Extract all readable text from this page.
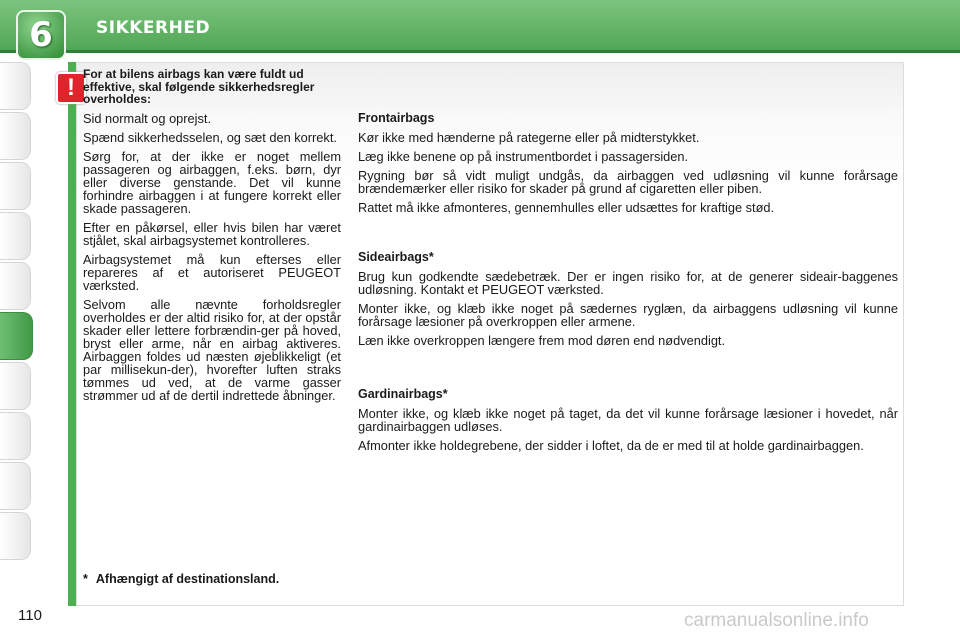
6	SIKKERHED
! For at bilens airbags kan være fuldt ud effektive, skal følgende sikkerhedsregler overholdes:

Sid normalt og oprejst.

Spænd sikkerhedsselen, og sæt den korrekt.

Sørg for, at der ikke er noget mellem passageren og airbaggen, f.eks. børn, dyr eller diverse genstande. Det vil kunne forhindre airbaggen i at fungere korrekt eller skade passageren.

Efter en påkørsel, eller hvis bilen har været stjålet, skal airbagsystemet kontrolleres.

Airbagsystemet må kun efterses eller repareres af et autoriseret PEUGEOT værksted.

Selvom alle nævnte forholdsregler overholdes er der altid risiko for, at der opstår skader eller lettere forbrændin-ger på hoved, bryst eller arme, når en airbag aktiveres. Airbaggen foldes ud næsten øjeblikkeligt (et par millisekun-der), hvorefter luften straks tømmes ud ved, at de varme gasser strømmer ud af de dertil indrettede åbninger.

Frontairbags

Kør ikke med hænderne på rategerne eller på midterstykket.

Læg ikke benene op på instrumentbordet i passagersiden.

Rygning bør så vidt muligt undgås, da airbaggen ved udløsning vil kunne forårsage brændemærker eller risiko for skader på grund af cigaretten eller piben.

Rattet må ikke afmonteres, gennemhulles eller udsættes for kraftige stød.

Sideairbags*

Brug kun godkendte sædebetræk. Der er ingen risiko for, at de generer sideair-baggenes udløsning. Kontakt et PEUGEOT værksted.

Monter ikke, og klæb ikke noget på sædernes ryglæn, da airbaggens udløsning vil kunne forårsage læsioner på overkroppen eller armene.

Læn ikke overkroppen længere frem mod døren end nødvendigt.

Gardinairbags*

Monter ikke, og klæb ikke noget på taget, da det vil kunne forårsage læsioner i hovedet, når gardinairbaggen udløses.

Afmonter ikke holdegrebene, der sidder i loftet, da de er med til at holde gardinairbaggen.

* Afhængigt af destinationsland.
110	carmanualsonline.info
